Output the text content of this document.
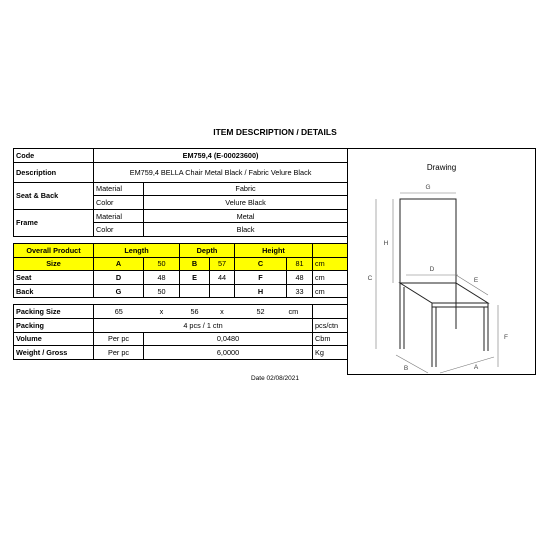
ITEM DESCRIPTION / DETAILS
Code	EM759,4 (E-00023600)						
Description	EM759,4 BELLA Chair Metal Black / Fabric Velure Black						
Seat & Back	Material	Fabric					
	Color	Velure Black					
Frame	Material	Metal					
	Color	Black					

Overall Product	Length		Depth		Height		
Size	A	50	B	57	C	81	cm
Seat	D	48	E	44	F	48	cm
Back	G	50			H	33	cm

Packing Size	65	x	56	x	52	cm	
Packing	4 pcs / 1 ctn						pcs/ctn
Volume	Per pc	0,0480					Cbm
Weight / Gross	Per pc	6,0000					Kg
Drawing
G
H
C	E
D
F
B	A
Date 02/08/2021
